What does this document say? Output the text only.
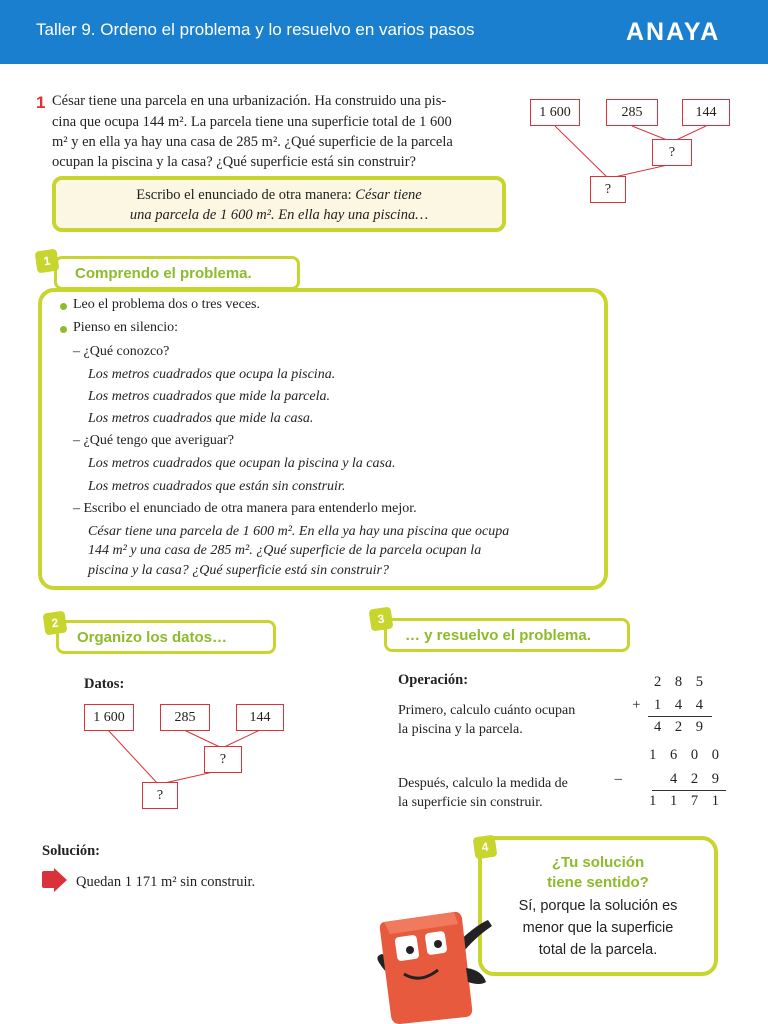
Taller 9. Ordeno el problema y lo resuelvo en varios pasos	ANAYA
1 César tiene una parcela en una urbanización. Ha construido una pis-
cina que ocupa 144 m². La parcela tiene una superficie total de 1 600
m² y en ella ya hay una casa de 285 m². ¿Qué superficie de la parcela
ocupan la piscina y la casa? ¿Qué superficie está sin construir?
1 600	285	144
?
?
Escribo el enunciado de otra manera: César tiene
una parcela de 1 600 m². En ella hay una piscina…
Comprendo el problema.
1
Leo el problema dos o tres veces.
Pienso en silencio:
– ¿Qué conozco?
Los metros cuadrados que ocupa la piscina.
Los metros cuadrados que mide la parcela.
Los metros cuadrados que mide la casa.
– ¿Qué tengo que averiguar?
Los metros cuadrados que ocupan la piscina y la casa.
Los metros cuadrados que están sin construir.
– Escribo el enunciado de otra manera para entenderlo mejor.
César tiene una parcela de 1 600 m². En ella ya hay una piscina que ocupa
144 m² y una casa de 285 m². ¿Qué superficie de la parcela ocupan la
piscina y la casa? ¿Qué superficie está sin construir?
Organizo los datos…
2
Datos:
1 600	285	144
?
?
… y resuelvo el problema.
3
Operación:
Primero, calculo cuánto ocupan
la piscina y la parcela.
Después, calculo la medida de
la superficie sin construir.
2 8 5
+ 1 4 4
4 2 9
1 6 0 0
–     4 2 9
1 1 7 1
Solución:
Quedan 1 171 m² sin construir.
¿Tu solución
tiene sentido?
Sí, porque la solución es
menor que la superficie
total de la parcela.
4
